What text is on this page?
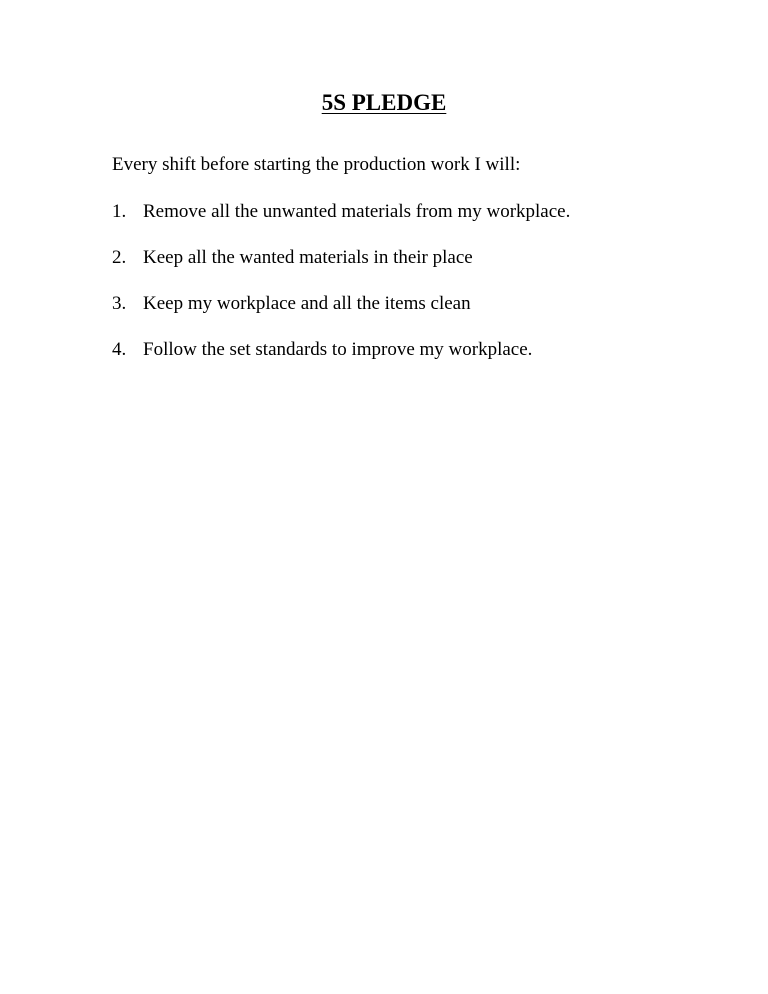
5S PLEDGE
Every shift before starting the production work I will:
1. Remove all the unwanted materials from my workplace.
2. Keep all the wanted materials in their place
3. Keep my workplace and all the items clean
4. Follow the set standards to improve my workplace.
